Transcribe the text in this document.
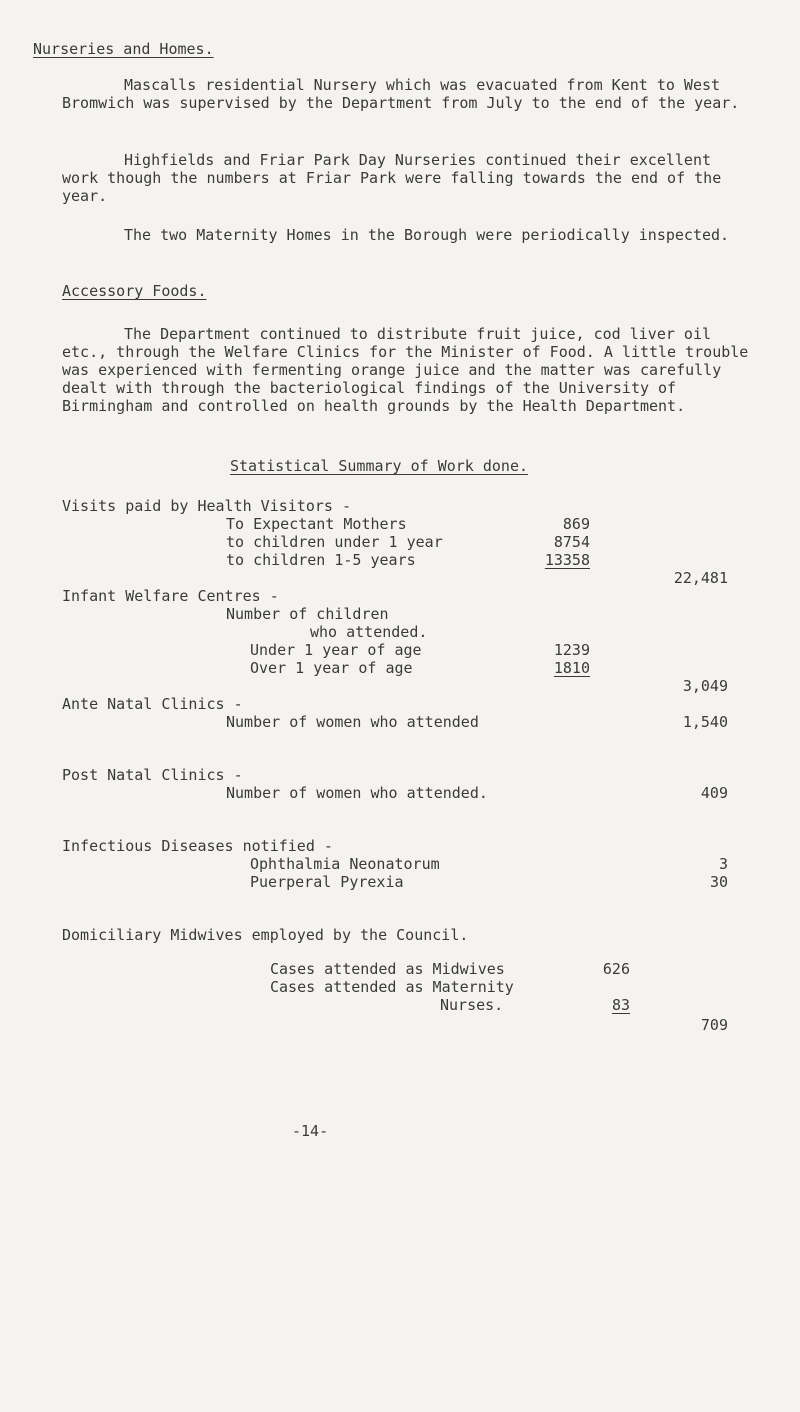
Nurseries and Homes.
Mascalls residential Nursery which was evacuated from Kent to West Bromwich was supervised by the Department from July to the end of the year.
Highfields and Friar Park Day Nurseries continued their excellent work though the numbers at Friar Park were falling towards the end of the year.
The two Maternity Homes in the Borough were periodically inspected.
Accessory Foods.
The Department continued to distribute fruit juice, cod liver oil etc., through the Welfare Clinics for the Minister of Food. A little trouble was experienced with fermenting orange juice and the matter was carefully dealt with through the bacteriological findings of the University of Birmingham and controlled on health grounds by the Health Department.
Statistical Summary of Work done.
Visits paid by Health Visitors -
To Expectant Mothers
to children under 1 year
to children 1-5 years
869
8754
13358
22,481
Infant Welfare Centres -
Number of children
who attended.
Under 1 year of age
Over 1 year of age
1239
1810
3,049
Ante Natal Clinics -
Number of women who attended	1,540
Post Natal Clinics -
Number of women who attended.	409
Infectious Diseases notified -
Ophthalmia Neonatorum
Puerperal Pyrexia
3
30
Domiciliary Midwives employed by the Council.
Cases attended as Midwives
Cases attended as Maternity
Nurses.
626
83
709
-14-
